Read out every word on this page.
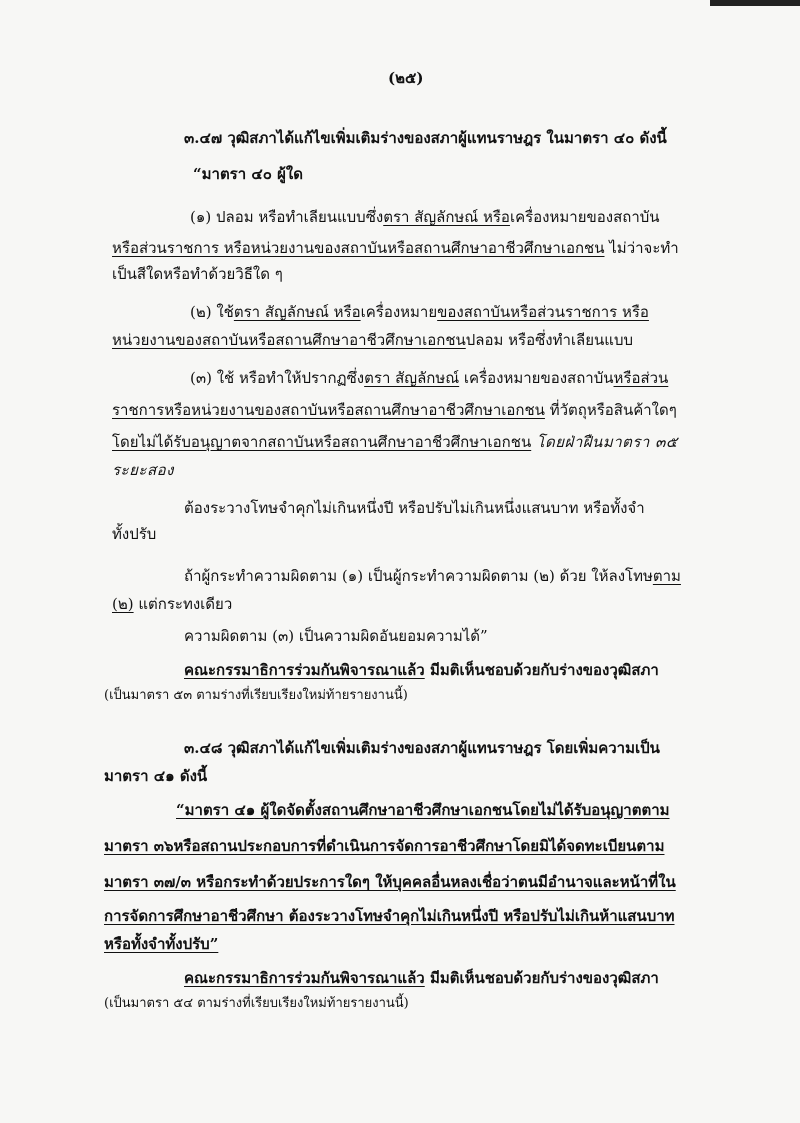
(๒๕)
๓.๔๗ วุฒิสภาได้แก้ไขเพิ่มเติมร่างของสภาผู้แทนราษฎร ในมาตรา ๔๐ ดังนี้
“มาตรา ๔๐ ผู้ใด
(๑) ปลอม หรือทำเลียนแบบซึ่งตรา สัญลักษณ์ หรือเครื่องหมายของสถาบัน
หรือส่วนราชการ หรือหน่วยงานของสถาบันหรือสถานศึกษาอาชีวศึกษาเอกชน ไม่ว่าจะทำ
เป็นสีใดหรือทำด้วยวิธีใด ๆ
(๒) ใช้ตรา สัญลักษณ์ หรือเครื่องหมายของสถาบันหรือส่วนราชการ หรือ
หน่วยงานของสถาบันหรือสถานศึกษาอาชีวศึกษาเอกชนปลอม หรือซึ่งทำเลียนแบบ
(๓) ใช้ หรือทำให้ปรากฏซึ่งตรา สัญลักษณ์ เครื่องหมายของสถาบันหรือส่วน
ราชการหรือหน่วยงานของสถาบันหรือสถานศึกษาอาชีวศึกษาเอกชน ที่วัตถุหรือสินค้าใดๆ
โดยไม่ได้รับอนุญาตจากสถาบันหรือสถานศึกษาอาชีวศึกษาเอกชน โดยฝ่าฝืนมาตรา ๓๕
ระยะสอง
ต้องระวางโทษจำคุกไม่เกินหนึ่งปี หรือปรับไม่เกินหนึ่งแสนบาท หรือทั้งจำ
ทั้งปรับ
ถ้าผู้กระทำความผิดตาม (๑) เป็นผู้กระทำความผิดตาม (๒) ด้วย ให้ลงโทษตาม
(๒) แต่กระทงเดียว
ความผิดตาม (๓) เป็นความผิดอันยอมความได้”
คณะกรรมาธิการร่วมกันพิจารณาแล้ว มีมติเห็นชอบด้วยกับร่างของวุฒิสภา
(เป็นมาตรา ๕๓ ตามร่างที่เรียบเรียงใหม่ท้ายรายงานนี้)
๓.๔๘ วุฒิสภาได้แก้ไขเพิ่มเติมร่างของสภาผู้แทนราษฎร โดยเพิ่มความเป็น
มาตรา ๔๑ ดังนี้
“มาตรา ๔๑ ผู้ใดจัดตั้งสถานศึกษาอาชีวศึกษาเอกชนโดยไม่ได้รับอนุญาตตาม
มาตรา ๓๖หรือสถานประกอบการที่ดำเนินการจัดการอาชีวศึกษาโดยมิได้จดทะเบียนตาม
มาตรา ๓๗/๓ หรือกระทำด้วยประการใดๆ ให้บุคคลอื่นหลงเชื่อว่าตนมีอำนาจและหน้าที่ใน
การจัดการศึกษาอาชีวศึกษา ต้องระวางโทษจำคุกไม่เกินหนึ่งปี หรือปรับไม่เกินห้าแสนบาท
หรือทั้งจำทั้งปรับ”
คณะกรรมาธิการร่วมกันพิจารณาแล้ว มีมติเห็นชอบด้วยกับร่างของวุฒิสภา
(เป็นมาตรา ๕๔ ตามร่างที่เรียบเรียงใหม่ท้ายรายงานนี้)
